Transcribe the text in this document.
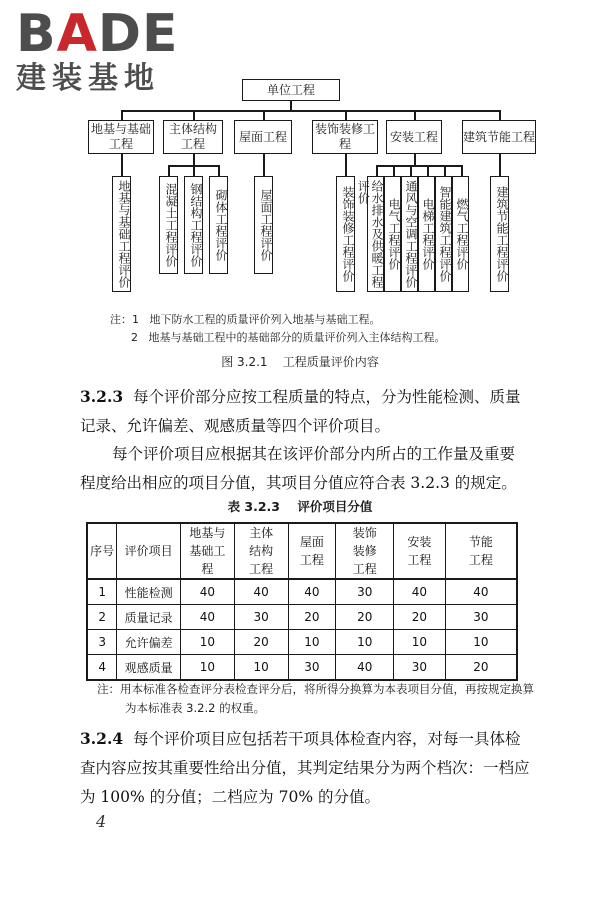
BADE
建装基地	单位工程
地基与基础工程
主体结构工程
屋面工程
装饰装修工程
安装工程	建筑节能工程
地基与基础工程评价	混凝土工程评价 钢结构工程评价 砌体工程评价	屋面工程评价	装饰装修工程评价 给水排水及供暖工程评价
电气工程评价 通风与空调工程评价 电梯工程评价 智能建筑工程评价 燃气工程评价	建筑节能工程评价
注：1 地下防水工程的质量评价列入地基与基础工程。
2 地基与基础工程中的基础部分的质量评价列入主体结构工程。
图 3.2.1    工程质量评价内容
3.2.3 每个评价部分应按工程质量的特点，分为性能检测、质量记录、允许偏差、观感质量等四个评价项目。
每个评价项目应根据其在该评价部分内所占的工作量及重要程度给出相应的项目分值，其项目分值应符合表 3.2.3 的规定。
表 3.2.3    评价项目分值
序号	评价项目	地基与基础工程	主体结构工程	屋面工程	装饰装修工程	安装工程	节能工程

1	性能检测	40	40	40	30	40	40
2	质量记录	40	30	20	20	20	30
3	允许偏差	10	20	10	10	10	10
4	观感质量	10	10	30	40	30	20
注：用本标准各检查评分表检查评分后，将所得分换算为本表项目分值，再按规定换算为本标准表 3.2.2 的权重。
3.2.4 每个评价项目应包括若干项具体检查内容，对每一具体检查内容应按其重要性给出分值，其判定结果分为两个档次：一档应为 100% 的分值；二档应为 70% 的分值。
4
